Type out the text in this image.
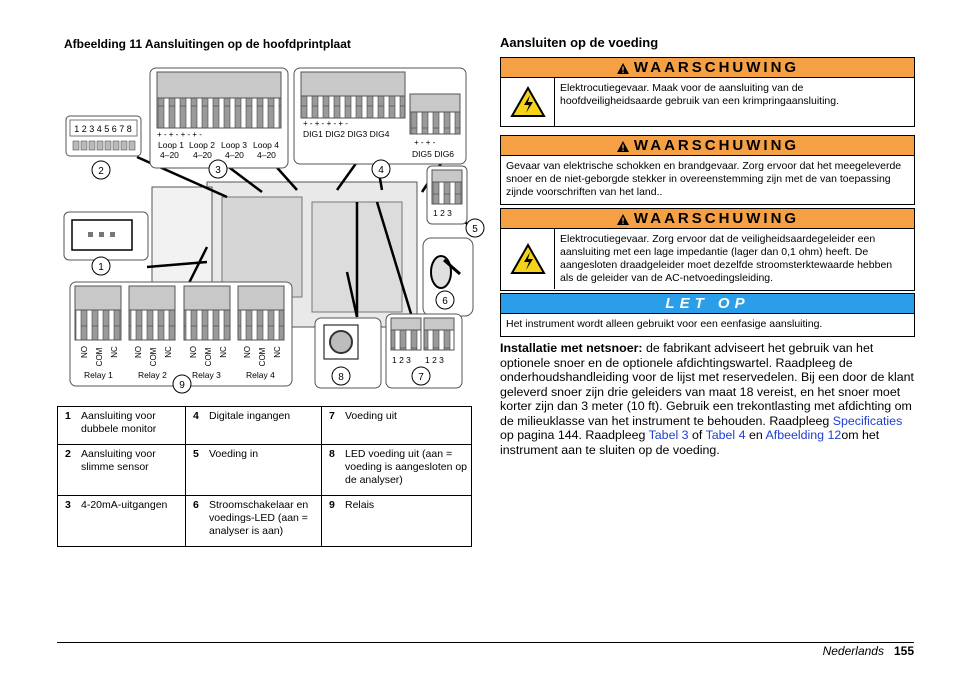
Afbeelding 11 Aansluitingen op de hoofdprintplaat
1 2 3 4 5 6 7 8
2
+ - + - + - + -
Loop 1 Loop 2 Loop 3 Loop 4
4–20 4–20 4–20 4–20
3
+ - + - + - + -
DIG1 DIG2 DIG3 DIG4
+ - + -
DIG5 DIG6
4
1 2 3
5
6
1
NO COM NC NO COM NC NO COM NC NO COM NC
Relay 1	Relay 2	Relay 3	Relay 4
9
8
1 2 3 1 2 3
7
1	Aansluiting voor dubbele monitor	4	Digitale ingangen	7	Voeding uit
2	Aansluiting voor slimme sensor	5	Voeding in	8	LED voeding uit (aan = voeding is aangesloten op de analyser)
3	4-20mA-uitgangen	6	Stroomschakelaar en voedings-LED (aan = analyser is aan)	9	Relais
Aansluiten op de voeding
WAARSCHUWING
Elektrocutiegevaar. Maak voor de aansluiting van de hoofdveiligheidsaarde gebruik van een krimpringaansluiting.
WAARSCHUWING
Gevaar van elektrische schokken en brandgevaar. Zorg ervoor dat het meegeleverde snoer en de niet-geborgde stekker in overeenstemming zijn met de van toepassing zijnde voorschriften van het land..
WAARSCHUWING
Elektrocutiegevaar. Zorg ervoor dat de veiligheidsaardegeleider een aansluiting met een lage impedantie (lager dan 0,1 ohm) heeft. De aangesloten draadgeleider moet dezelfde stroomsterktewaarde hebben als de geleider van de AC-netvoedingsleiding.
LET OP
Het instrument wordt alleen gebruikt voor een eenfasige aansluiting.
Installatie met netsnoer: de fabrikant adviseert het gebruik van het optionele snoer en de optionele afdichtingswartel. Raadpleeg de onderhoudshandleiding voor de lijst met reservedelen. Bij een door de klant geleverd snoer zijn drie geleiders van maat 18 vereist, en het snoer moet korter zijn dan 3 meter (10 ft). Gebruik een trekontlasting met afdichting om de milieuklasse van het instrument te behouden. Raadpleeg Specificaties op pagina 144. Raadpleeg Tabel 3 of Tabel 4 en Afbeelding 12om het instrument aan te sluiten op de voeding.
Nederlands 155
